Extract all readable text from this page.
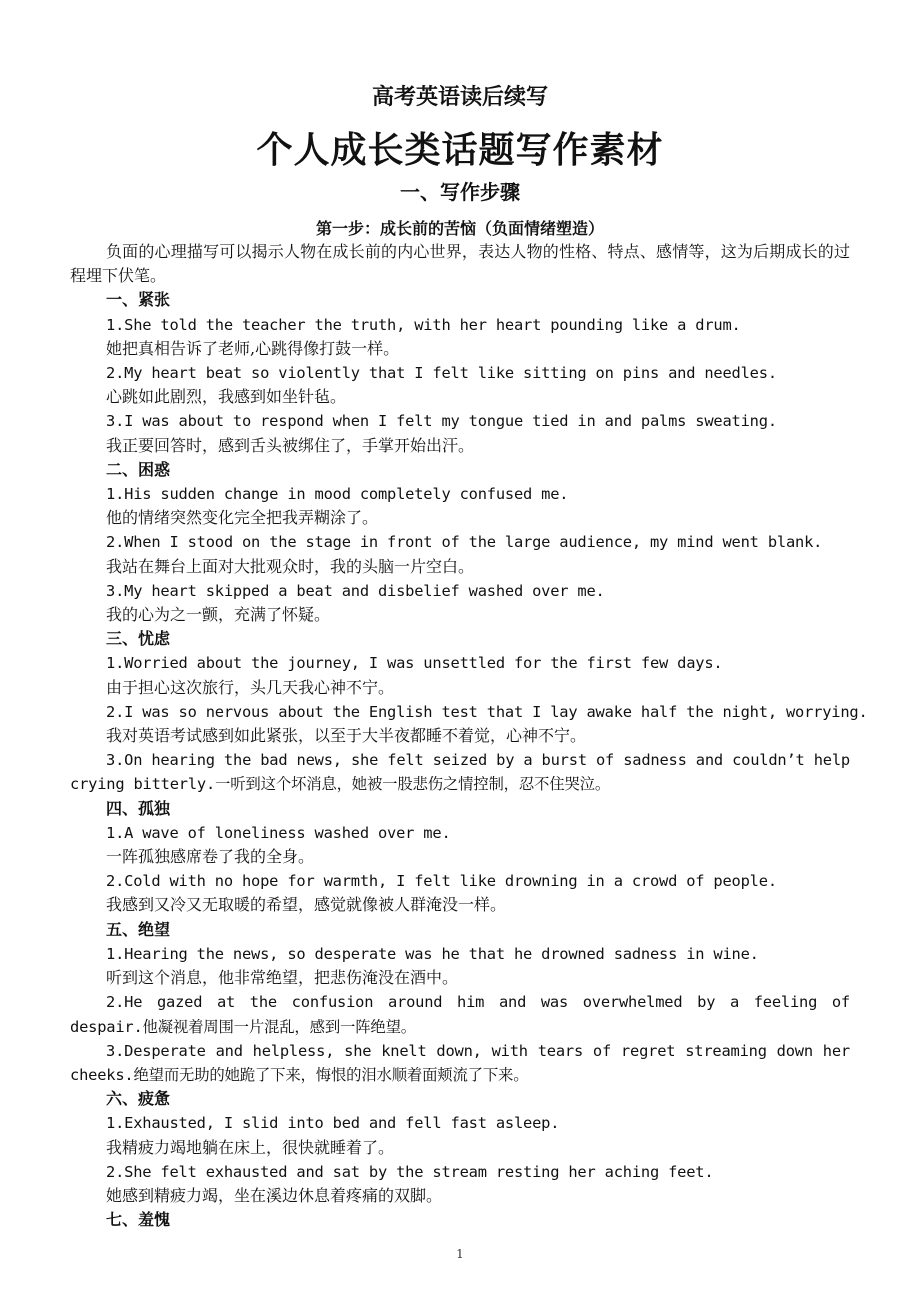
高考英语读后续写
个人成长类话题写作素材
一、写作步骤
第一步：成长前的苦恼（负面情绪塑造）

负面的心理描写可以揭示人物在成长前的内心世界，表达人物的性格、特点、感情等，这为后期成长的过程埋下伏笔。

一、紧张
1.She told the teacher the truth, with her heart pounding like a drum.
她把真相告诉了老师,心跳得像打鼓一样。
2.My heart beat so violently that I felt like sitting on pins and needles.
心跳如此剧烈，我感到如坐针毡。
3.I was about to respond when I felt my tongue tied in and palms sweating.
我正要回答时，感到舌头被绑住了，手掌开始出汗。
二、困惑
1.His sudden change in mood completely confused me.
他的情绪突然变化完全把我弄糊涂了。
2.When I stood on the stage in front of the large audience, my mind went blank.
我站在舞台上面对大批观众时，我的头脑一片空白。
3.My heart skipped a beat and disbelief washed over me.
我的心为之一颤，充满了怀疑。
三、忧虑
1.Worried about the journey, I was unsettled for the first few days.
由于担心这次旅行，头几天我心神不宁。
2.I was so nervous about the English test that I lay awake half the night, worrying.
我对英语考试感到如此紧张，以至于大半夜都睡不着觉，心神不宁。
3.On hearing the bad news, she felt seized by a burst of sadness and couldn’t help crying bitterly.一听到这个坏消息，她被一股悲伤之情控制，忍不住哭泣。
四、孤独
1.A wave of loneliness washed over me.
一阵孤独感席卷了我的全身。
2.Cold with no hope for warmth, I felt like drowning in a crowd of people.
我感到又冷又无取暖的希望，感觉就像被人群淹没一样。
五、绝望
1.Hearing the news, so desperate was he that he drowned sadness in wine.
听到这个消息，他非常绝望，把悲伤淹没在酒中。
2.He gazed at the confusion around him and was overwhelmed by a feeling of despair.他凝视着周围一片混乱，感到一阵绝望。
3.Desperate and helpless, she knelt down, with tears of regret streaming down her cheeks.绝望而无助的她跪了下来，悔恨的泪水顺着面颊流了下来。
六、疲惫
1.Exhausted, I slid into bed and fell fast asleep.
我精疲力竭地躺在床上，很快就睡着了。
2.She felt exhausted and sat by the stream resting her aching feet.
她感到精疲力竭，坐在溪边休息着疼痛的双脚。
七、羞愧
1
